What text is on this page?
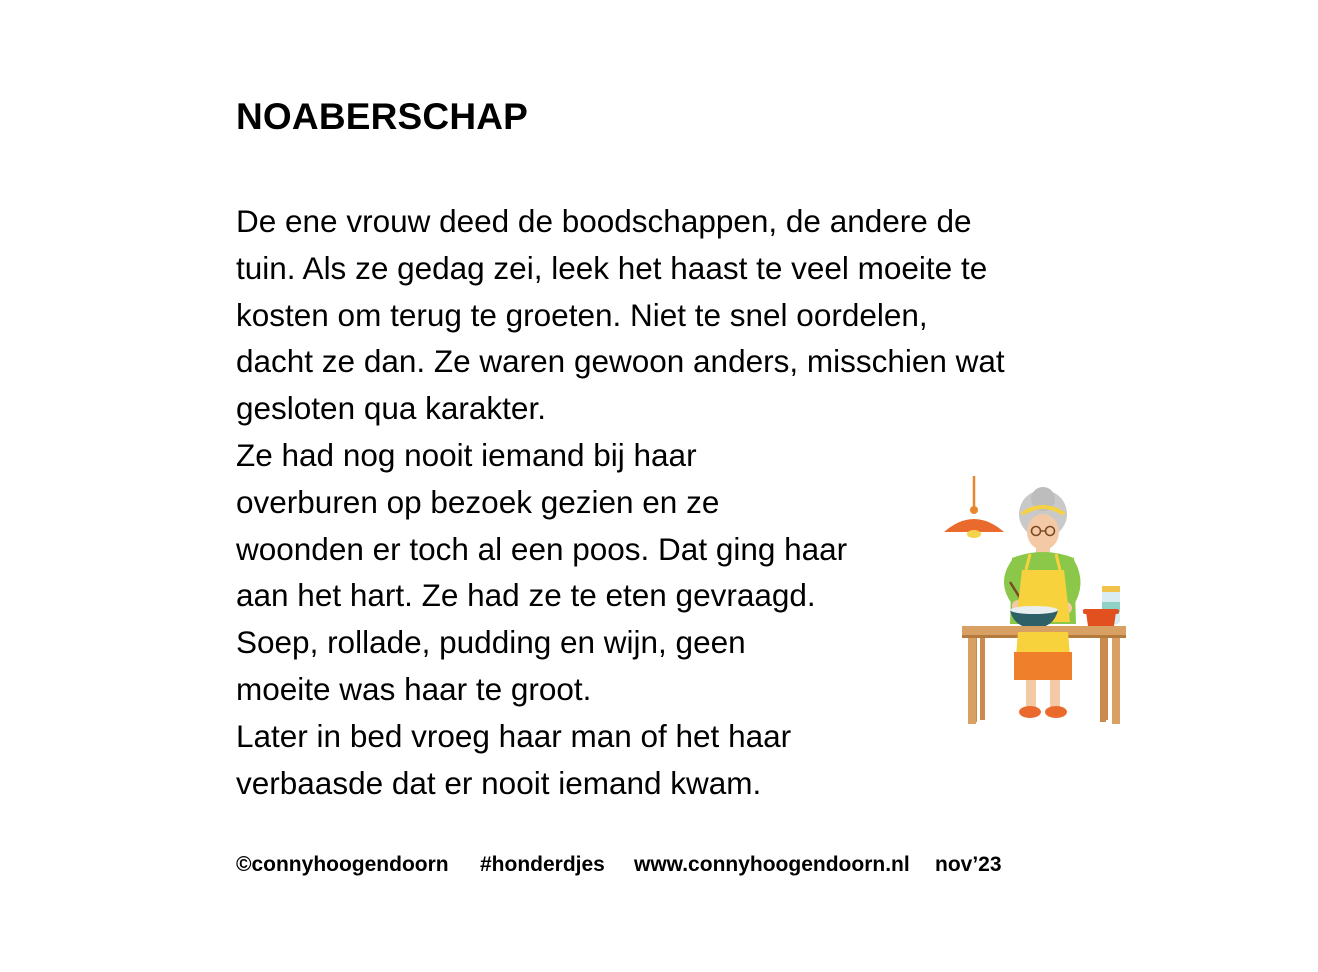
NOABERSCHAP
De ene vrouw deed de boodschappen, de andere de
tuin. Als ze gedag zei, leek het haast te veel moeite te
kosten om terug te groeten. Niet te snel oordelen,
dacht ze dan. Ze waren gewoon anders, misschien wat
gesloten qua karakter.
Ze had nog nooit iemand bij haar
overburen op bezoek gezien en ze
woonden er toch al een poos. Dat ging haar
aan het hart. Ze had ze te eten gevraagd.
Soep, rollade, pudding en wijn, geen
moeite was haar te groot.
Later in bed vroeg haar man of het haar
verbaasde dat er nooit iemand kwam.
©connyhoogendoorn #honderdjes www.connyhoogendoorn.nl nov’23
